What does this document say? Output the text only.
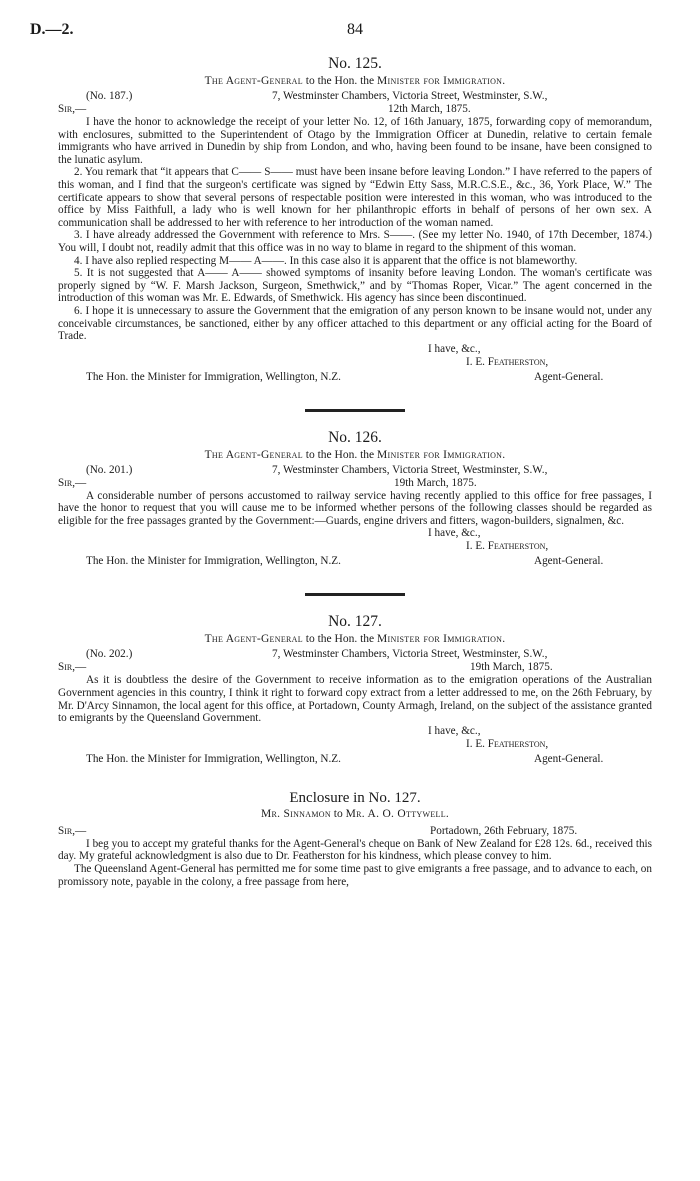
D.—2.	84
No. 125.
The Agent-General to the Hon. the Minister for Immigration.
(No. 187.)	7, Westminster Chambers, Victoria Street, Westminster, S.W.,
Sir,—	12th March, 1875.

I have the honor to acknowledge the receipt of your letter No. 12, of 16th January, 1875, forwarding copy of memorandum, with enclosures, submitted to the Superintendent of Otago by the Immigration Officer at Dunedin, relative to certain female immigrants who have arrived in Dunedin by ship from London, and who, having been found to be insane, have been consigned to the lunatic asylum.

2. You remark that “it appears that C—— S—— must have been insane before leaving London.” I have referred to the papers of this woman, and I find that the surgeon's certificate was signed by “Edwin Etty Sass, M.R.C.S.E., &c., 36, York Place, W.” The certificate appears to show that several persons of respectable position were interested in this woman, who was introduced to the office by Miss Faithfull, a lady who is well known for her philanthropic efforts in behalf of persons of her own sex. A communication shall be addressed to her with reference to her introduction of the woman named.

3. I have already addressed the Government with reference to Mrs. S——. (See my letter No. 1940, of 17th December, 1874.) You will, I doubt not, readily admit that this office was in no way to blame in regard to the shipment of this woman.

4. I have also replied respecting M—— A——. In this case also it is apparent that the office is not blameworthy.

5. It is not suggested that A—— A—— showed symptoms of insanity before leaving London. The woman's certificate was properly signed by “W. F. Marsh Jackson, Surgeon, Smethwick,” and by “Thomas Roper, Vicar.” The agent concerned in the introduction of this woman was Mr. E. Edwards, of Smethwick. His agency has since been discontinued.

6. I hope it is unnecessary to assure the Government that the emigration of any person known to be insane would not, under any conceivable circumstances, be sanctioned, either by any officer attached to this department or any official acting for the Board of Trade.

I have, &c.,
I. E. Featherston,
The Hon. the Minister for Immigration, Wellington, N.Z.	Agent-General.
No. 126.
The Agent-General to the Hon. the Minister for Immigration.
(No. 201.)	7, Westminster Chambers, Victoria Street, Westminster, S.W.,
Sir,—	19th March, 1875.

A considerable number of persons accustomed to railway service having recently applied to this office for free passages, I have the honor to request that you will cause me to be informed whether persons of the following classes should be regarded as eligible for the free passages granted by the Government:—Guards, engine drivers and fitters, wagon-builders, signalmen, &c.

I have, &c.,
I. E. Featherston,
The Hon. the Minister for Immigration, Wellington, N.Z.	Agent-General.
No. 127.
The Agent-General to the Hon. the Minister for Immigration.
(No. 202.)	7, Westminster Chambers, Victoria Street, Westminster, S.W.,
Sir,—	19th March, 1875.

As it is doubtless the desire of the Government to receive information as to the emigration operations of the Australian Government agencies in this country, I think it right to forward copy extract from a letter addressed to me, on the 26th February, by Mr. D'Arcy Sinnamon, the local agent for this office, at Portadown, County Armagh, Ireland, on the subject of the assistance granted to emigrants by the Queensland Government.

I have, &c.,
I. E. Featherston,
The Hon. the Minister for Immigration, Wellington, N.Z.	Agent-General.
Enclosure in No. 127.
Mr. Sinnamon to Mr. A. O. Ottywell.
Sir,—	Portadown, 26th February, 1875.

I beg you to accept my grateful thanks for the Agent-General's cheque on Bank of New Zealand for £28 12s. 6d., received this day. My grateful acknowledgment is also due to Dr. Featherston for his kindness, which please convey to him.

The Queensland Agent-General has permitted me for some time past to give emigrants a free passage, and to advance to each, on promissory note, payable in the colony, a free passage from here,
